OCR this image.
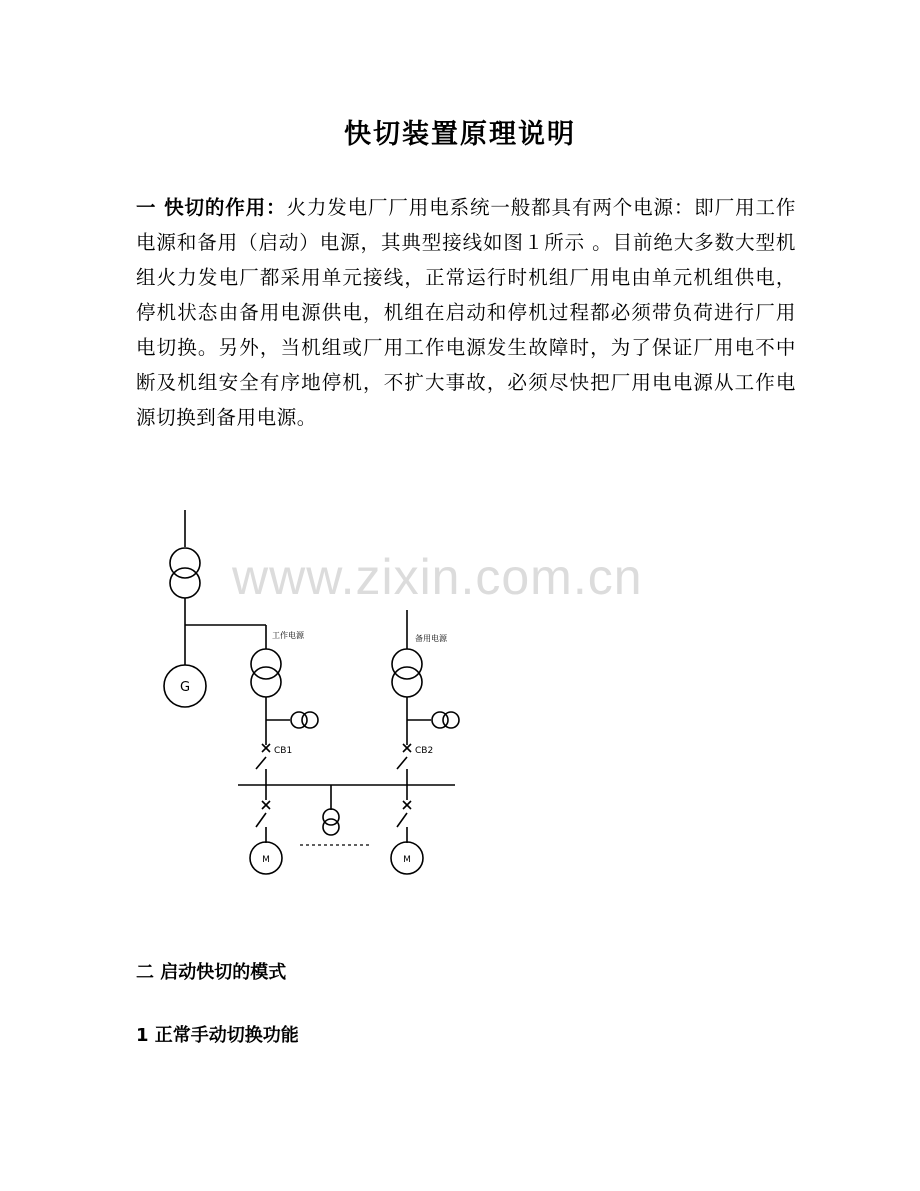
快切装置原理说明
一 快切的作用：火力发电厂厂用电系统一般都具有两个电源：即厂用工作电源和备用（启动）电源，其典型接线如图１所示 。目前绝大多数大型机组火力发电厂都采用单元接线，正常运行时机组厂用电由单元机组供电，停机状态由备用电源供电，机组在启动和停机过程都必须带负荷进行厂用电切换。另外，当机组或厂用工作电源发生故障时，为了保证厂用电不中断及机组安全有序地停机，不扩大事故，必须尽快把厂用电电源从工作电源切换到备用电源。
www.zixin.com.cn
G
工作电源	备用电源
CB1	CB2
M	M
二 启动快切的模式
1 正常手动切换功能
